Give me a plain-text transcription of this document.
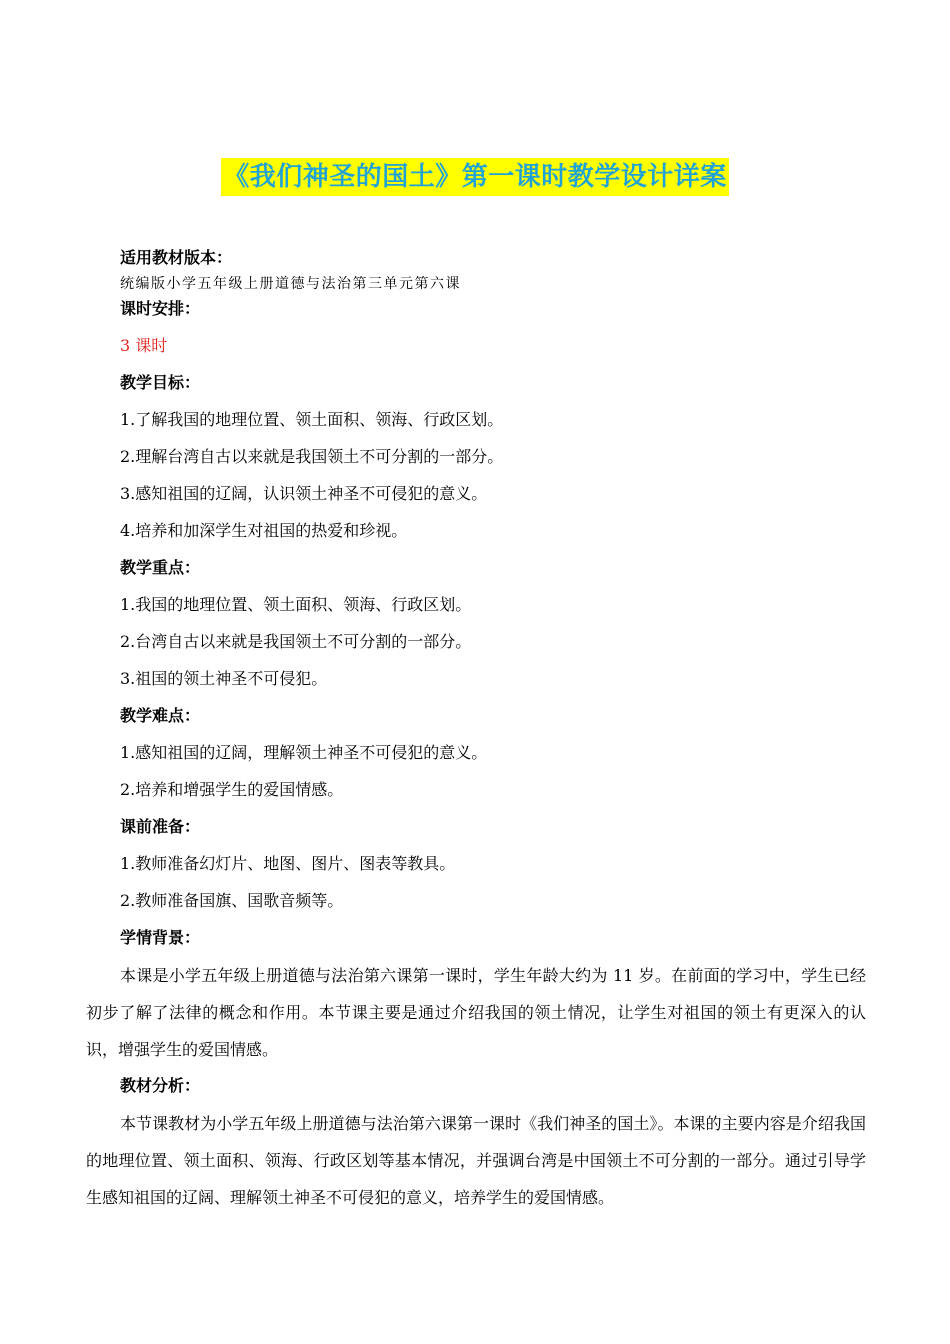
《我们神圣的国土》第一课时教学设计详案
适用教材版本：
统编版小学五年级上册道德与法治第三单元第六课
课时安排：
3 课时
教学目标：
1.了解我国的地理位置、领土面积、领海、行政区划。
2.理解台湾自古以来就是我国领土不可分割的一部分。
3.感知祖国的辽阔，认识领土神圣不可侵犯的意义。
4.培养和加深学生对祖国的热爱和珍视。
教学重点：
1.我国的地理位置、领土面积、领海、行政区划。
2.台湾自古以来就是我国领土不可分割的一部分。
3.祖国的领土神圣不可侵犯。
教学难点：
1.感知祖国的辽阔，理解领土神圣不可侵犯的意义。
2.培养和增强学生的爱国情感。
课前准备：
1.教师准备幻灯片、地图、图片、图表等教具。
2.教师准备国旗、国歌音频等。
学情背景：
本课是小学五年级上册道德与法治第六课第一课时，学生年龄大约为 11 岁。在前面的学习中，学生已经初步了解了法律的概念和作用。本节课主要是通过介绍我国的领土情况，让学生对祖国的领土有更深入的认识，增强学生的爱国情感。
教材分析：
本节课教材为小学五年级上册道德与法治第六课第一课时《我们神圣的国土》。本课的主要内容是介绍我国的地理位置、领土面积、领海、行政区划等基本情况，并强调台湾是中国领土不可分割的一部分。通过引导学生感知祖国的辽阔、理解领土神圣不可侵犯的意义，培养学生的爱国情感。
